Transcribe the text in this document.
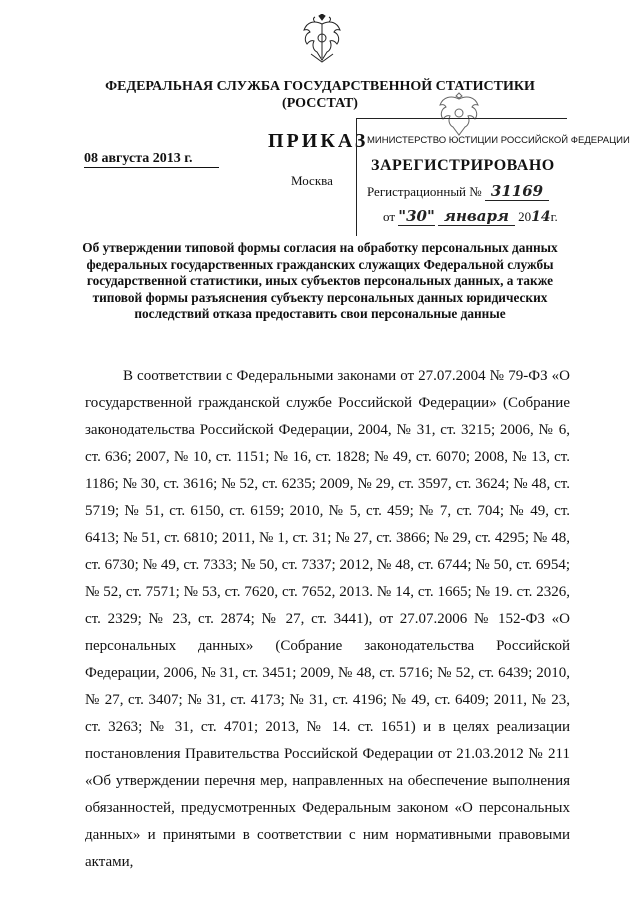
ФЕДЕРАЛЬНАЯ СЛУЖБА ГОСУДАРСТВЕННОЙ СТАТИСТИКИ
(РОССТАТ)
ПРИКАЗ
08 августа 2013 г.
Москва
МИНИСТЕРСТВО ЮСТИЦИИ РОССИЙСКОЙ ФЕДЕРАЦИИ
ЗАРЕГИСТРИРОВАНО
Регистрационный № 31169
от "30" января 2014г.
Об утверждении типовой формы согласия на обработку персональных данных федеральных государственных гражданских служащих Федеральной службы государственной статистики, иных субъектов персональных данных, а также типовой формы разъяснения субъекту персональных данных юридических последствий отказа предоставить свои персональные данные

В соответствии с Федеральными законами от 27.07.2004 № 79-ФЗ «О государственной гражданской службе Российской Федерации» (Собрание законодательства Российской Федерации, 2004, № 31, ст. 3215; 2006, № 6, ст. 636; 2007, № 10, ст. 1151; № 16, ст. 1828; № 49, ст. 6070; 2008, № 13, ст. 1186; № 30, ст. 3616; № 52, ст. 6235; 2009, № 29, ст. 3597, ст. 3624; № 48, ст. 5719; № 51, ст. 6150, ст. 6159; 2010, № 5, ст. 459; № 7, ст. 704; № 49, ст. 6413; № 51, ст. 6810; 2011, № 1, ст. 31; № 27, ст. 3866; № 29, ст. 4295; № 48, ст. 6730; № 49, ст. 7333; № 50, ст. 7337; 2012, № 48, ст. 6744; № 50, ст. 6954; № 52, ст. 7571; № 53, ст. 7620, ст. 7652, 2013. № 14, ст. 1665; № 19. ст. 2326, ст. 2329; № 23, ст. 2874; № 27, ст. 3441), от 27.07.2006 № 152-ФЗ «О персональных данных» (Собрание законодательства Российской Федерации, 2006, № 31, ст. 3451; 2009, № 48, ст. 5716; № 52, ст. 6439; 2010, № 27, ст. 3407; № 31, ст. 4173; № 31, ст. 4196; № 49, ст. 6409; 2011, № 23, ст. 3263; № 31, ст. 4701; 2013, № 14. ст. 1651) и в целях реализации постановления Правительства Российской Федерации от 21.03.2012 № 211 «Об утверждении перечня мер, направленных на обеспечение выполнения обязанностей, предусмотренных Федеральным законом «О персональных данных» и принятыми в соответствии с ним нормативными правовыми актами,
